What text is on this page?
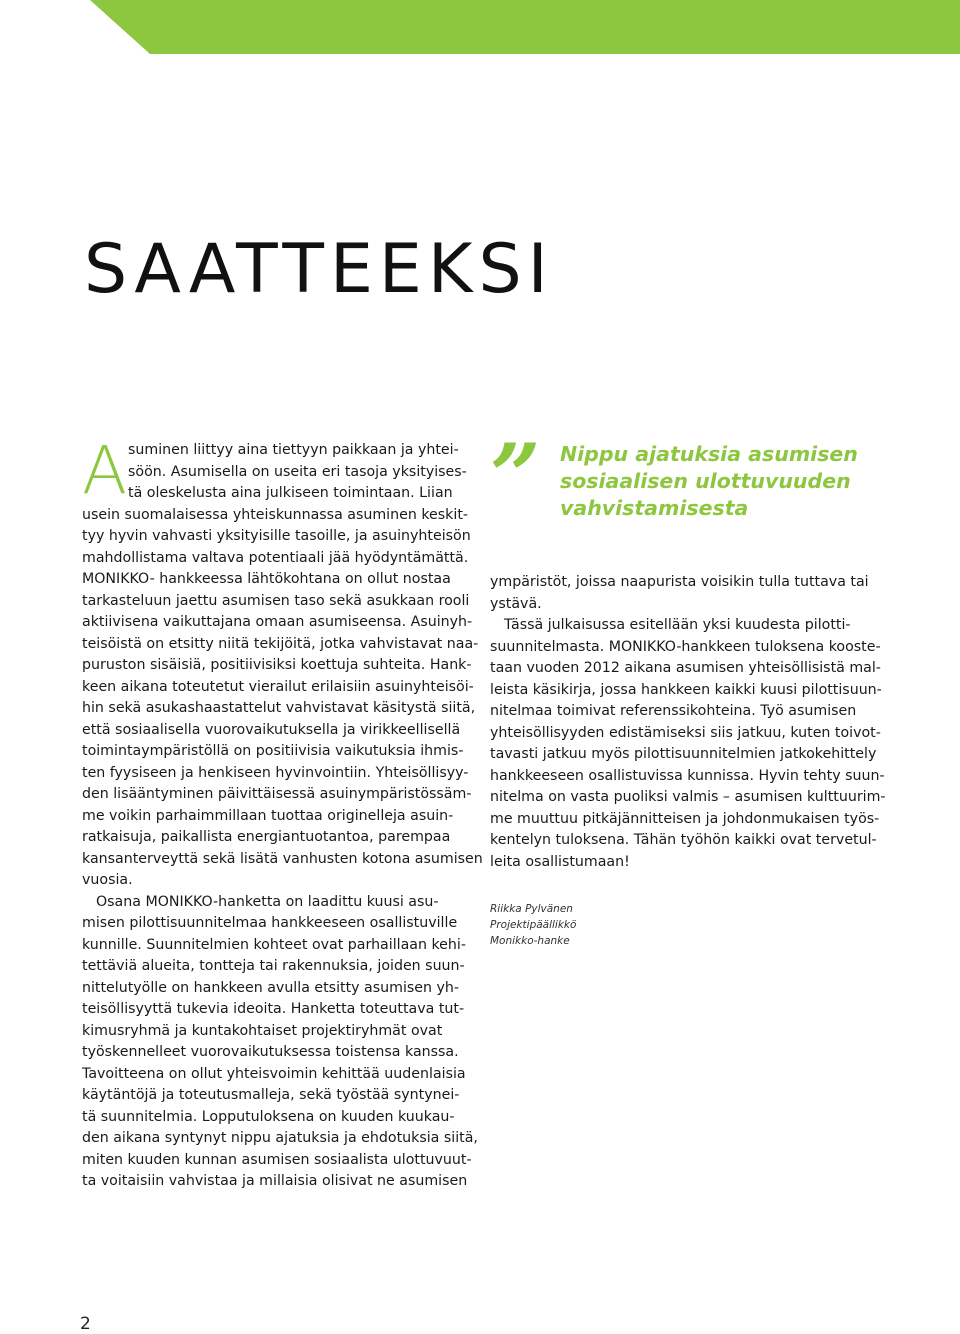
SAATTEEKSI
A suminen liittyy aina tiettyyn paikkaan ja yhtei-
söön. Asumisella on useita eri tasoja yksityises-
tä oleskelusta aina julkiseen toimintaan. Liian
usein suomalaisessa yhteiskunnassa asuminen keskit-
tyy hyvin vahvasti yksityisille tasoille, ja asuinyhteisön
mahdollistama valtava potentiaali jää hyödyntämättä.
MONIKKO- hankkeessa lähtökohtana on ollut nostaa
tarkasteluun jaettu asumisen taso sekä asukkaan rooli
aktiivisena vaikuttajana omaan asumiseensa. Asuinyh-
teisöistä on etsitty niitä tekijöitä, jotka vahvistavat naa-
puruston sisäisiä, positiivisiksi koettuja suhteita. Hank-
keen aikana toteutetut vierailut erilaisiin asuinyhteisöi-
hin sekä asukashaastattelut vahvistavat käsitystä siitä,
että sosiaalisella vuorovaikutuksella ja virikkeellisellä
toimintaympäristöllä on positiivisia vaikutuksia ihmis-
ten fyysiseen ja henkiseen hyvinvointiin. Yhteisöllisyy-
den lisääntyminen päivittäisessä asuinympäristössäm-
me voikin parhaimmillaan tuottaa originelleja asuin-
ratkaisuja, paikallista energiantuotantoa, parempaa
kansanterveyttä sekä lisätä vanhusten kotona asumisen
vuosia.
Osana MONIKKO-hanketta on laadittu kuusi asu-
misen pilottisuunnitelmaa hankkeeseen osallistuville
kunnille. Suunnitelmien kohteet ovat parhaillaan kehi-
tettäviä alueita, tontteja tai rakennuksia, joiden suun-
nittelutyölle on hankkeen avulla etsitty asumisen yh-
teisöllisyyttä tukevia ideoita. Hanketta toteuttava tut-
kimusryhmä ja kuntakohtaiset projektiryhmät ovat
työskennelleet vuorovaikutuksessa toistensa kanssa.
Tavoitteena on ollut yhteisvoimin kehittää uudenlaisia
käytäntöjä ja toteutusmalleja, sekä työstää syntynei-
tä suunnitelmia. Lopputuloksena on kuuden kuukau-
den aikana syntynyt nippu ajatuksia ja ehdotuksia siitä,
miten kuuden kunnan asumisen sosiaalista ulottuvuut-
ta voitaisiin vahvistaa ja millaisia olisivat ne asumisen
” Nippu ajatuksia asumisen
sosiaalisen ulottuvuuden
vahvistamisesta
ympäristöt, joissa naapurista voisikin tulla tuttava tai
ystävä.
Tässä julkaisussa esitellään yksi kuudesta pilotti-
suunnitelmasta. MONIKKO-hankkeen tuloksena kooste-
taan vuoden 2012 aikana asumisen yhteisöllisistä mal-
leista käsikirja, jossa hankkeen kaikki kuusi pilottisuun-
nitelmaa toimivat referenssikohteina. Työ asumisen
yhteisöllisyyden edistämiseksi siis jatkuu, kuten toivot-
tavasti jatkuu myös pilottisuunnitelmien jatkokehittely
hankkeeseen osallistuvissa kunnissa. Hyvin tehty suun-
nitelma on vasta puoliksi valmis – asumisen kulttuurim-
me muuttuu pitkäjännitteisen ja johdonmukaisen työs-
kentelyn tuloksena. Tähän työhön kaikki ovat tervetul-
leita osallistumaan!
Riikka Pylvänen
Projektipäällikkö
Monikko-hanke
2
